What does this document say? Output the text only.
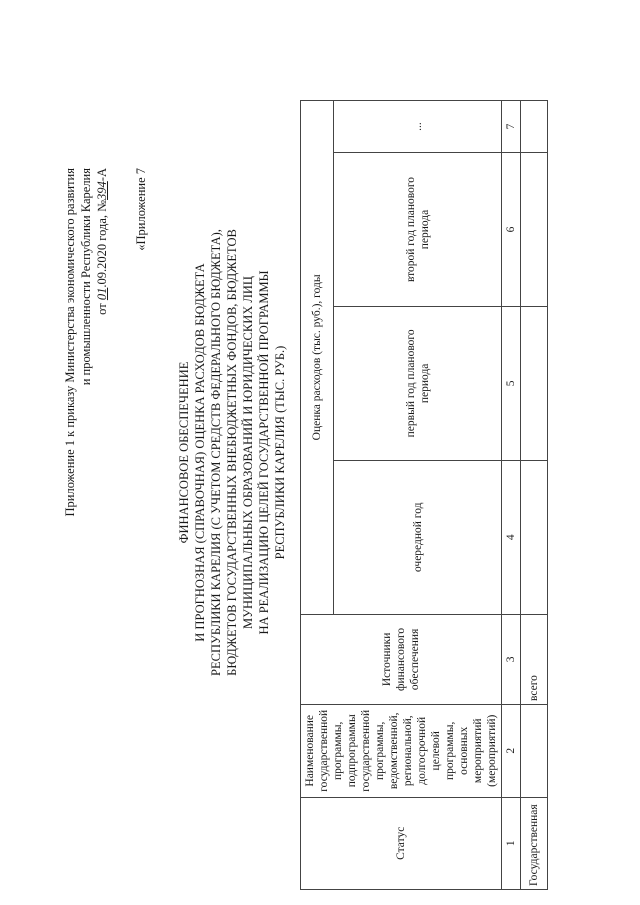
Приложение 1 к приказу Министерства экономического развития и промышленности Республики Карелия от 01.09.2020 года, №394-А «Приложение 7
ФИНАНСОВОЕ ОБЕСПЕЧЕНИЕ И ПРОГНОЗНАЯ (СПРАВОЧНАЯ) ОЦЕНКА РАСХОДОВ БЮДЖЕТА РЕСПУБЛИКИ КАРЕЛИЯ (С УЧЕТОМ СРЕДСТВ ФЕДЕРАЛЬНОГО БЮДЖЕТА), БЮДЖЕТОВ ГОСУДАРСТВЕННЫХ ВНЕБЮДЖЕТНЫХ ФОНДОВ, БЮДЖЕТОВ МУНИЦИПАЛЬНЫХ ОБРАЗОВАНИЙ И ЮРИДИЧЕСКИХ ЛИЦ НА РЕАЛИЗАЦИЮ ЦЕЛЕЙ ГОСУДАРСТВЕННОЙ ПРОГРАММЫ РЕСПУБЛИКИ КАРЕЛИЯ (ТЫС. РУБ.)
Статус	Наименование государственной программы, подпрограммы государственной программы, ведомственной, региональной, долгосрочной целевой программы, основных мероприятий (мероприятий)	Источники финансового обеспечения	Оценка расходов (тыс. руб.), годы			
			очередной год	первый год планового периода	второй год планового периода	...
1	2	3	4	5	6	7
Государственная		всего				
